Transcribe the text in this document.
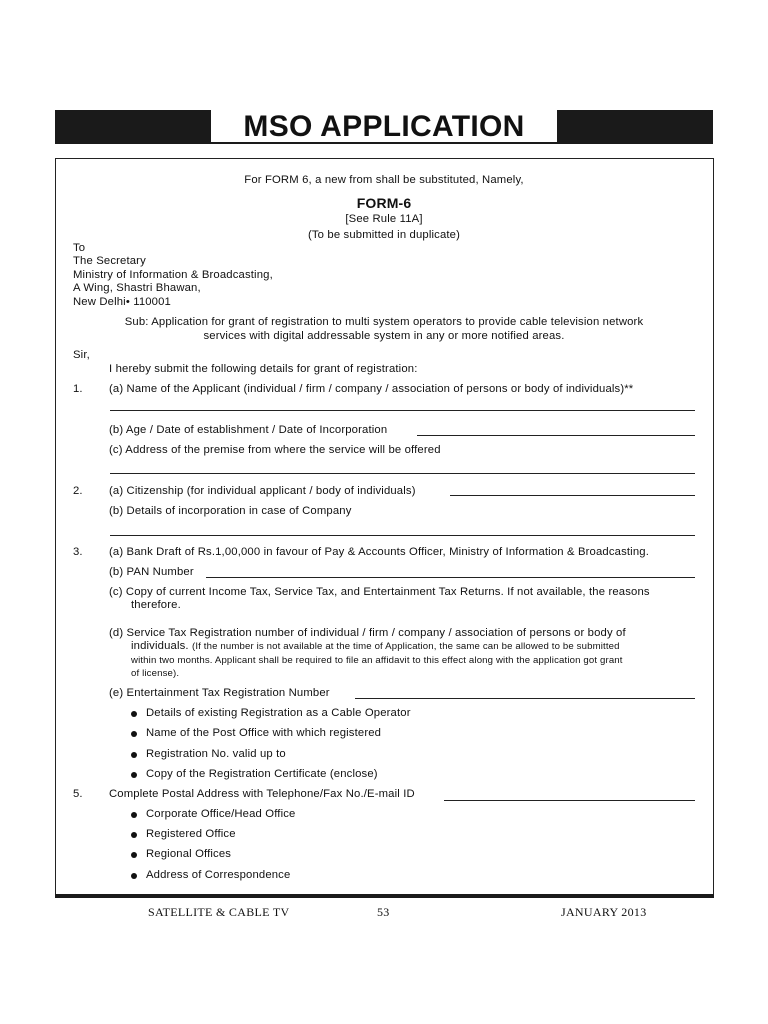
MSO APPLICATION
For FORM 6, a new from shall be substituted, Namely,
FORM-6
[See Rule 11A]
(To be submitted in duplicate)
To
The Secretary
Ministry of Information & Broadcasting,
A Wing, Shastri Bhawan,
New Delhi• 110001
Sub: Application for grant of registration to multi system operators to provide cable television network
services with digital addressable system in any or more notified areas.
Sir,
I hereby submit the following details for grant of registration:
1. (a) Name of the Applicant (individual / firm / company / association of persons or body of individuals)**
(b) Age / Date of establishment / Date of Incorporation
(c) Address of the premise from where the service will be offered
2. (a) Citizenship (for individual applicant / body of individuals)
(b) Details of incorporation in case of Company
3. (a) Bank Draft of Rs.1,00,000 in favour of Pay & Accounts Officer, Ministry of Information & Broadcasting.
(b) PAN Number
(c) Copy of current Income Tax, Service Tax, and Entertainment Tax Returns. If not available, the reasons
therefore.
(d) Service Tax Registration number of individual / firm / company / association of persons or body of
individuals. (If the number is not available at the time of Application, the same can be allowed to be submitted
within two months. Applicant shall be required to file an affidavit to this effect along with the application got grant
of license).
(e) Entertainment Tax Registration Number
Details of existing Registration as a Cable Operator
Name of the Post Office with which registered
Registration No. valid up to
Copy of the Registration Certificate (enclose)
5. Complete Postal Address with Telephone/Fax No./E-mail ID
Corporate Office/Head Office
Registered Office
Regional Offices
Address of Correspondence
SATELLITE & CABLE TV	53	JANUARY 2013
